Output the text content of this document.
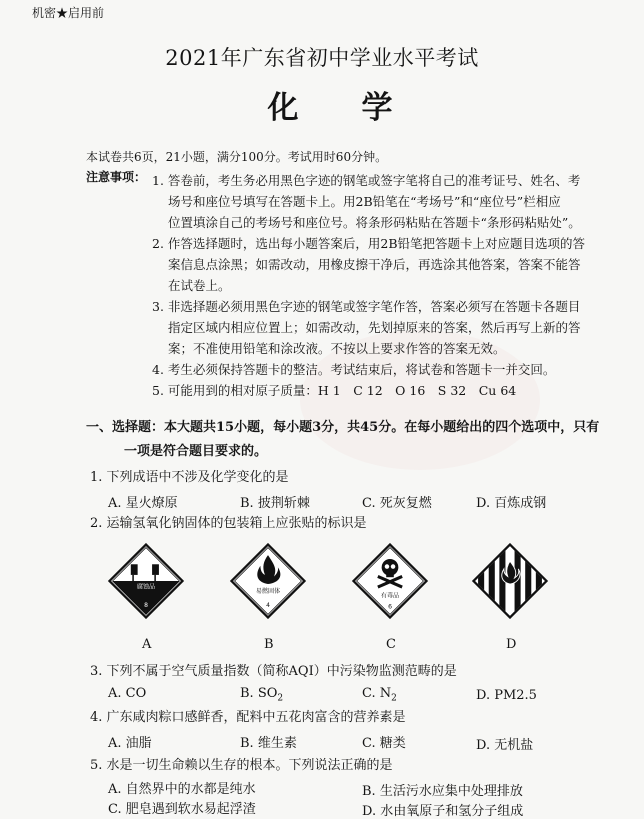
机密★启用前
2021年广东省初中学业水平考试
化　学
本试卷共6页，21小题，满分100分。考试用时60分钟。
注意事项： 1. 答卷前，考生务必用黑色字迹的钢笔或签字笔将自己的准考证号、姓名、考
场号和座位号填写在答题卡上。用2B铅笔在“考场号”和“座位号”栏相应
位置填涂自己的考场号和座位号。将条形码粘贴在答题卡“条形码粘贴处”。
2. 作答选择题时，选出每小题答案后，用2B铅笔把答题卡上对应题目选项的答
案信息点涂黑；如需改动，用橡皮擦干净后，再选涂其他答案，答案不能答
在试卷上。
3. 非选择题必须用黑色字迹的钢笔或签字笔作答，答案必须写在答题卡各题目
指定区域内相应位置上；如需改动，先划掉原来的答案，然后再写上新的答
案；不准使用铅笔和涂改液。不按以上要求作答的答案无效。
4. 考生必须保持答题卡的整洁。考试结束后，将试卷和答题卡一并交回。
5. 可能用到的相对原子质量：H 1　C 12　O 16　S 32　Cu 64
一、选择题：本大题共15小题，每小题3分，共45分。在每小题给出的四个选项中，只有
一项是符合题目要求的。
1. 下列成语中不涉及化学变化的是
A. 星火燎原	B. 披荆斩棘	C. 死灰复燃	D. 百炼成钢
2. 运输氢氧化钠固体的包装箱上应张贴的标识是
腐蚀品
8
易燃固体
4
有毒品
6
A	B	C	D
3. 下列不属于空气质量指数（简称AQI）中污染物监测范畴的是
A. CO	B. $SO_2$	C. $N_2$	D. PM2.5
4. 广东咸肉粽口感鲜香，配料中五花肉富含的营养素是
A. 油脂	B. 维生素	C. 糖类	D. 无机盐
5. 水是一切生命赖以生存的根本。下列说法正确的是
A. 自然界中的水都是纯水	B. 生活污水应集中处理排放
C. 肥皂遇到软水易起浮渣	D. 水由氧原子和氢分子组成
